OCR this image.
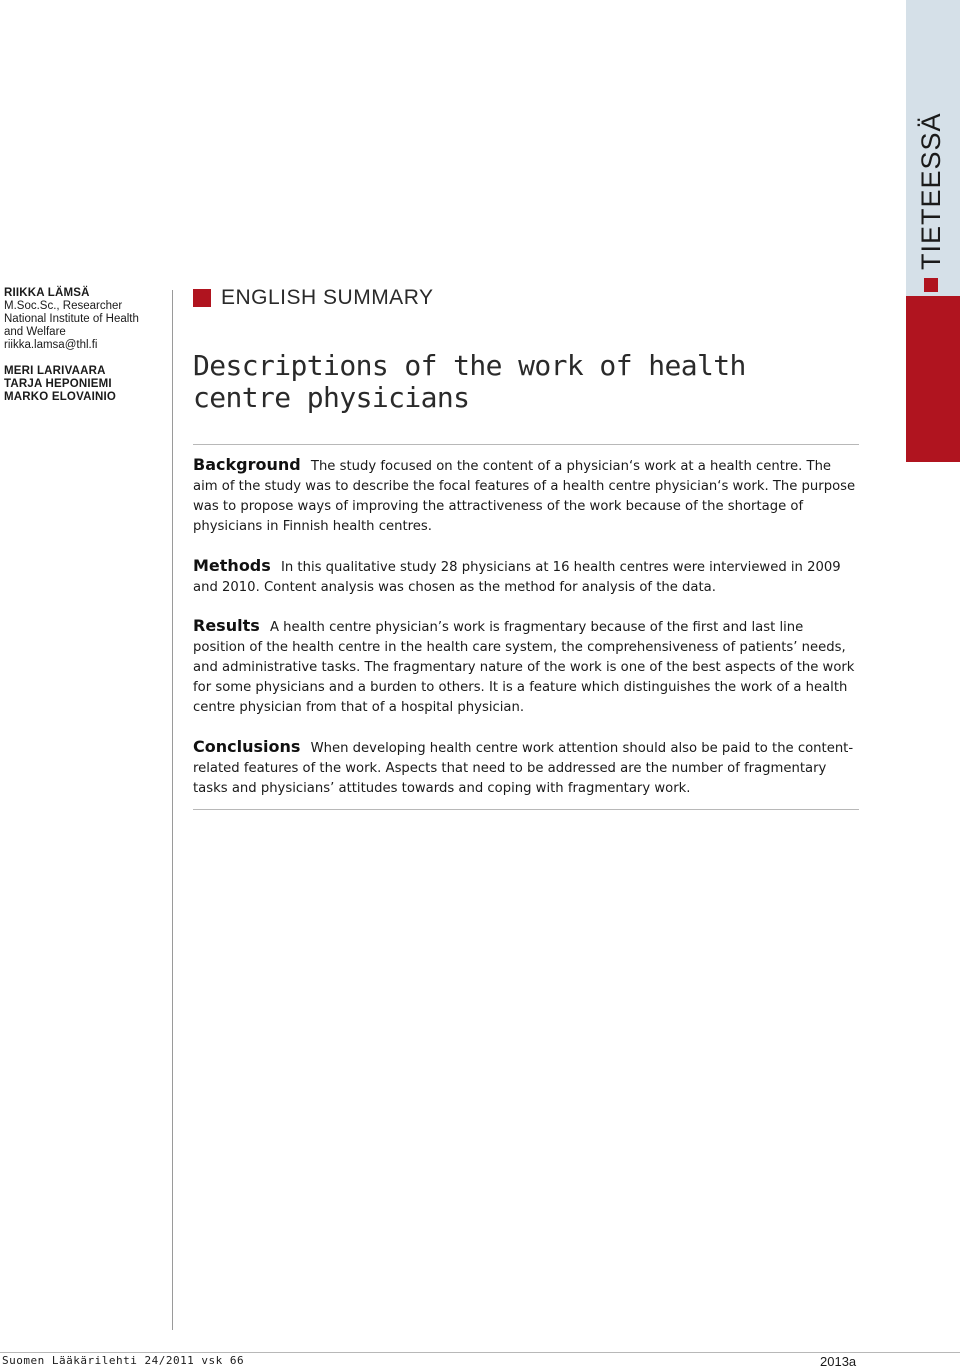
TIETEESSÄ
RIIKKA LÄMSÄ
M.Soc.Sc., Researcher
National Institute of Health
and Welfare
riikka.lamsa@thl.fi
MERI LARIVAARA
TARJA HEPONIEMI
MARKO ELOVAINIO
ENGLISH SUMMARY
Descriptions of the work of health centre physicians
Background The study focused on the content of a physician‘s work at a health centre. The aim of the study was to describe the focal features of a health centre physician‘s work. The purpose was to propose ways of improving the attractiveness of the work because of the shortage of physicians in Finnish health centres.
Methods In this qualitative study 28 physicians at 16 health centres were interviewed in 2009 and 2010. Content analysis was chosen as the method for analysis of the data.
Results A health centre physician’s work is fragmentary because of the first and last line position of the health centre in the health care system, the comprehensiveness of patients’ needs, and administrative tasks. The fragmentary nature of the work is one of the best aspects of the work for some physicians and a burden to others. It is a feature which distinguishes the work of a health centre physician from that of a hospital physician.
Conclusions When developing health centre work attention should also be paid to the content-related features of the work. Aspects that need to be addressed are the number of fragmentary tasks and physicians’ attitudes towards and coping with fragmentary work.
Suomen Lääkärilehti 24/2011 vsk 66	2013a
